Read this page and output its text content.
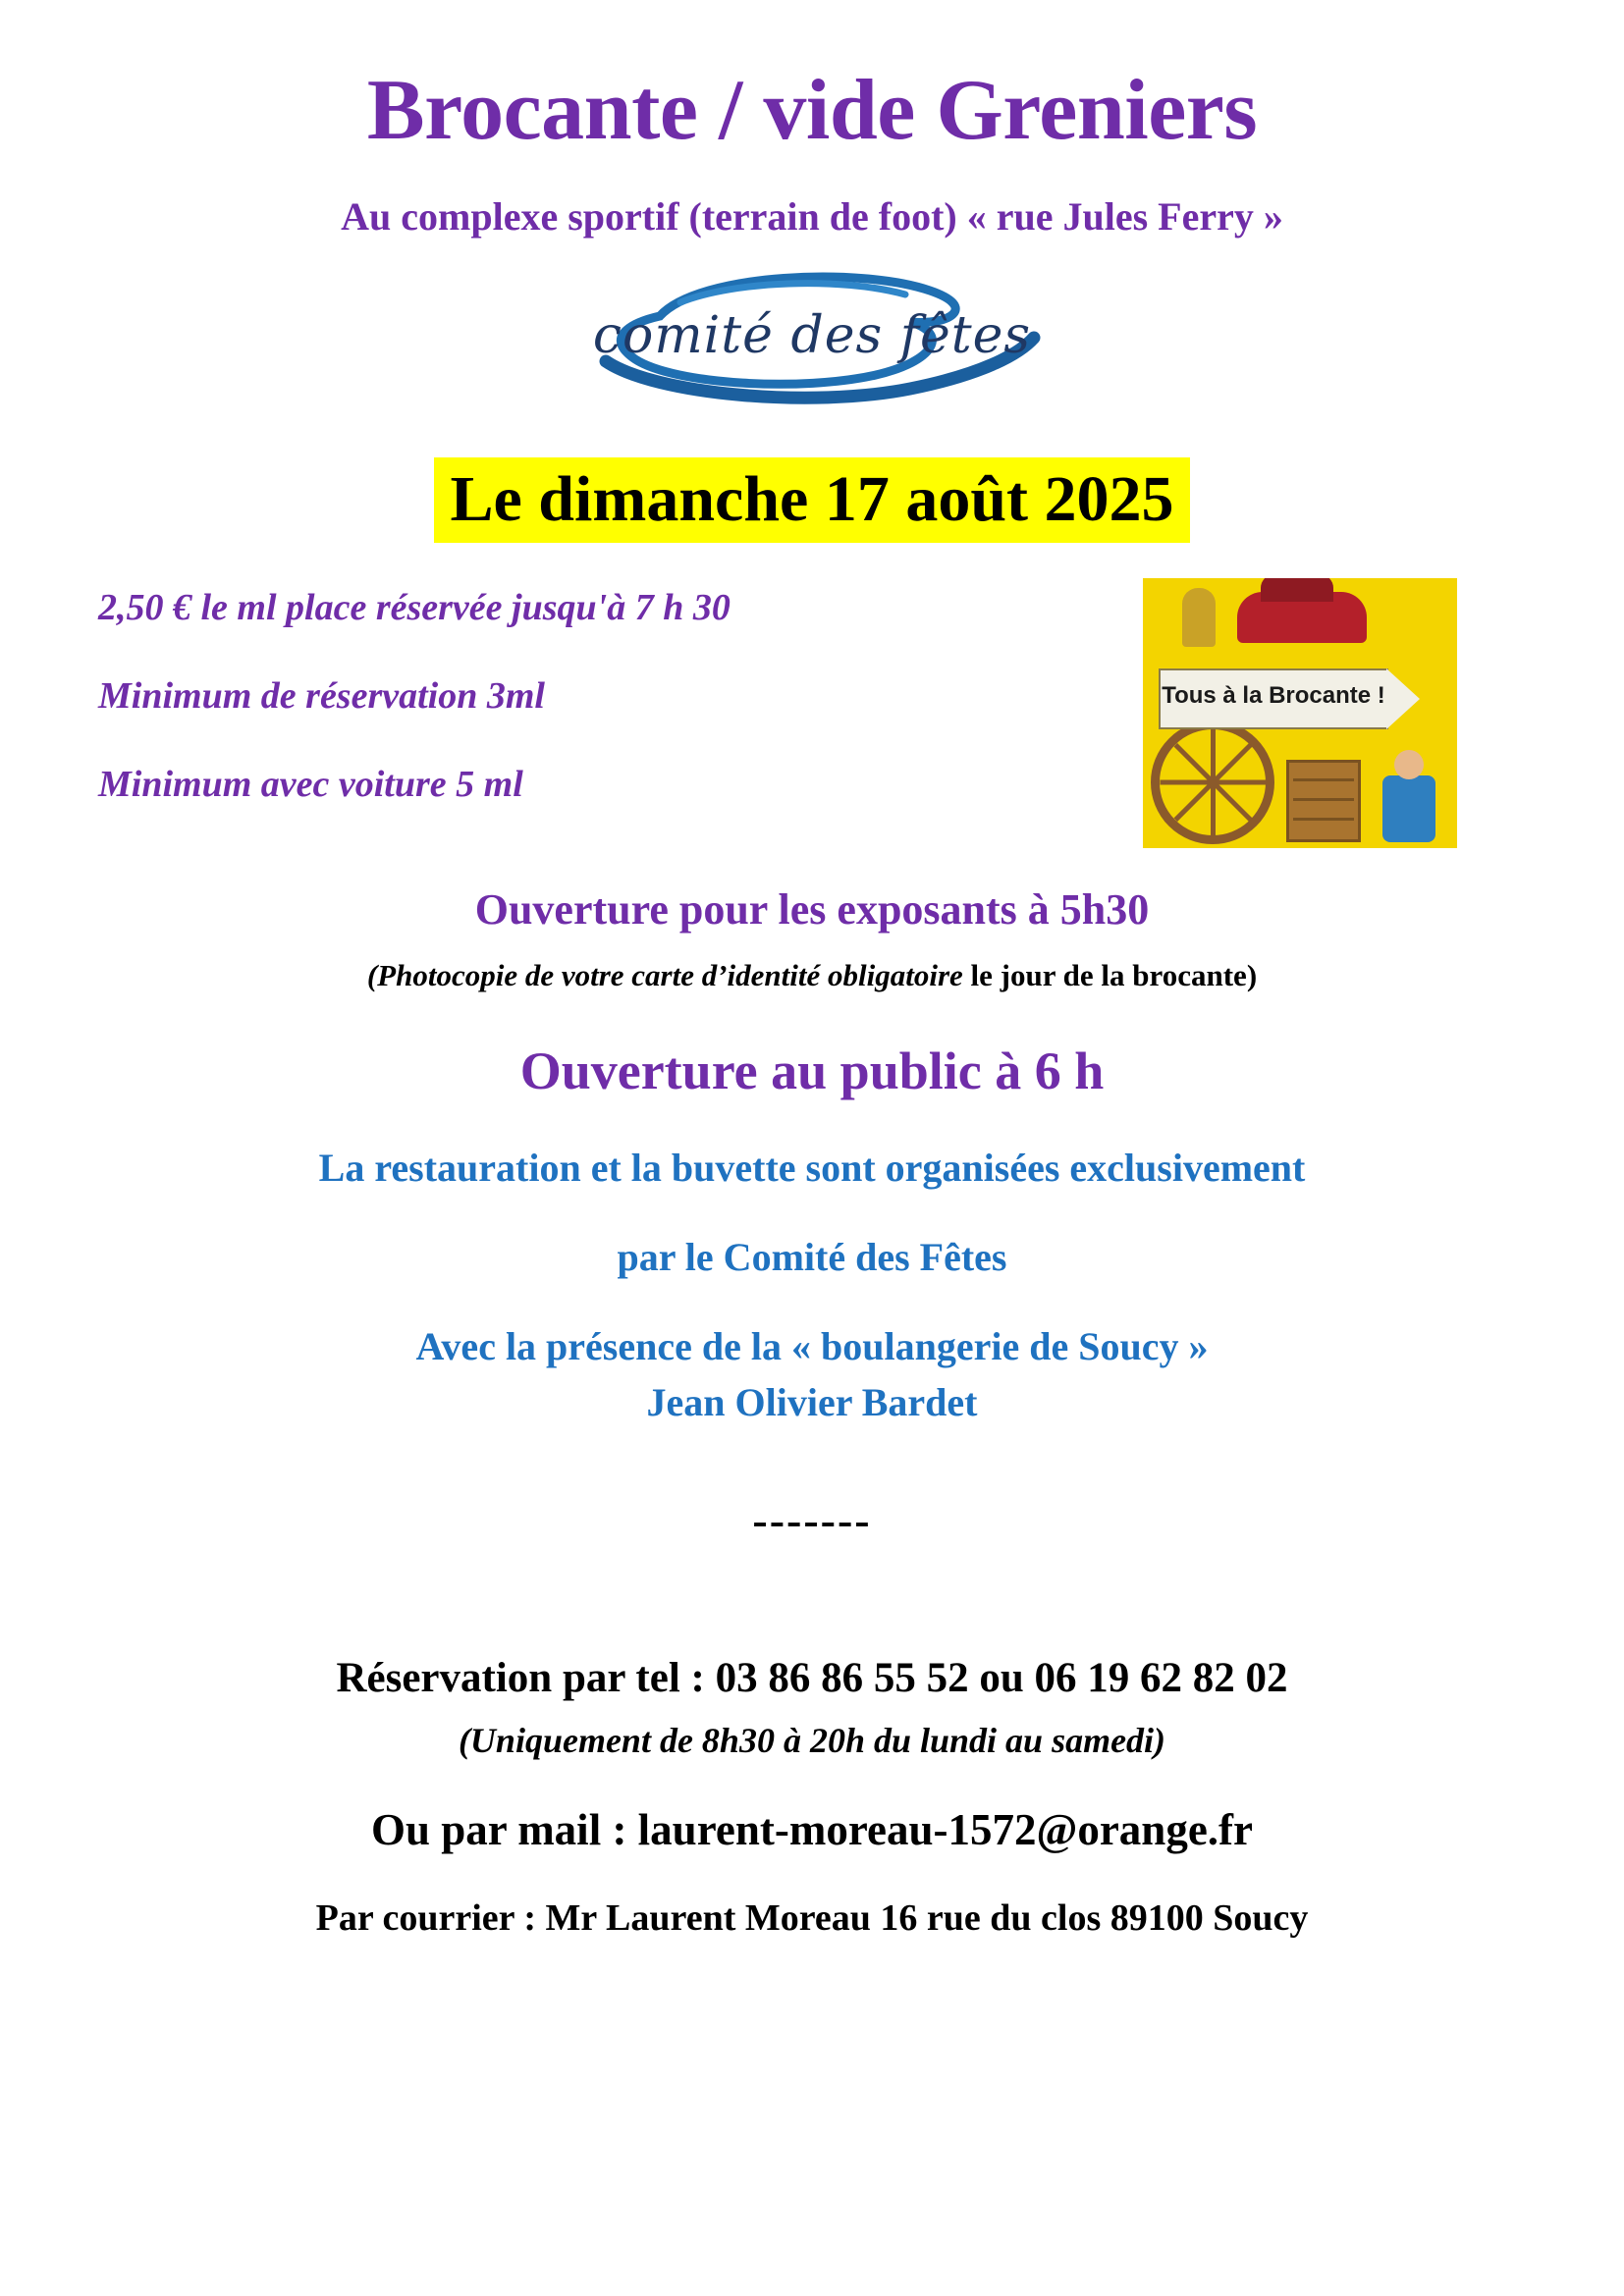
Brocante / vide Greniers
Au complexe sportif (terrain de foot) « rue Jules Ferry »
comité des fêtes
Le dimanche 17 août 2025
2,50 € le ml place réservée jusqu'à 7 h 30
Minimum de réservation 3ml
Minimum avec voiture 5 ml
Tous à la Brocante !
Ouverture pour les exposants à 5h30
(Photocopie de votre carte d’identité obligatoire le jour de la brocante)
Ouverture au public à 6 h
La restauration et la buvette sont organisées exclusivement
par le Comité des Fêtes
Avec la présence de la « boulangerie de Soucy »
Jean Olivier Bardet
-------
Réservation par tel : 03 86 86 55 52 ou 06 19 62 82 02
(Uniquement de 8h30 à 20h du lundi au samedi)
Ou par mail : laurent-moreau-1572@orange.fr
Par courrier : Mr Laurent Moreau 16 rue du clos 89100 Soucy
